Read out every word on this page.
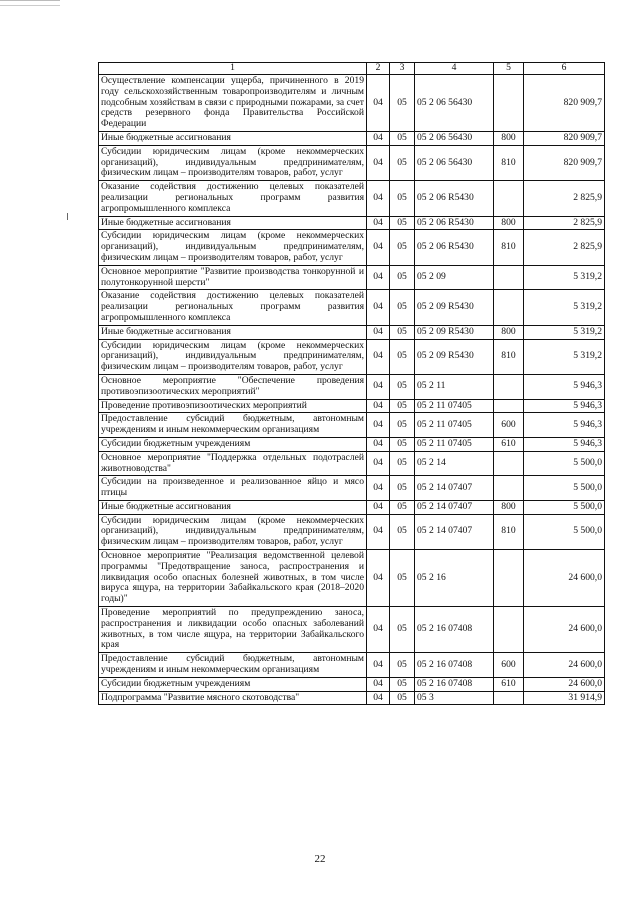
1	2	3	4	5	6
Осуществление компенсации ущерба, причиненного в 2019 году сельскохозяйственным товаропроизводителям и личным подсобным хозяйствам в связи с природными пожарами, за счет средств резервного фонда Правительства Российской Федерации	04	05	05 2 06 56430		820 909,7
Иные бюджетные ассигнования	04	05	05 2 06 56430	800	820 909,7
Субсидии юридическим лицам (кроме некоммерческих организаций), индивидуальным предпринимателям, физическим лицам – производителям товаров, работ, услуг	04	05	05 2 06 56430	810	820 909,7
Оказание содействия достижению целевых показателей реализации региональных программ развития агропромышленного комплекса	04	05	05 2 06 R5430		2 825,9
Иные бюджетные ассигнования	04	05	05 2 06 R5430	800	2 825,9
Субсидии юридическим лицам (кроме некоммерческих организаций), индивидуальным предпринимателям, физическим лицам – производителям товаров, работ, услуг	04	05	05 2 06 R5430	810	2 825,9
Основное мероприятие "Развитие производства тонкорунной и полутонкорунной шерсти"	04	05	05 2 09		5 319,2
Оказание содействия достижению целевых показателей реализации региональных программ развития агропромышленного комплекса	04	05	05 2 09 R5430		5 319,2
Иные бюджетные ассигнования	04	05	05 2 09 R5430	800	5 319,2
Субсидии юридическим лицам (кроме некоммерческих организаций), индивидуальным предпринимателям, физическим лицам – производителям товаров, работ, услуг	04	05	05 2 09 R5430	810	5 319,2
Основное мероприятие "Обеспечение проведения противоэпизоотических мероприятий"	04	05	05 2 11		5 946,3
Проведение противоэпизоотических мероприятий	04	05	05 2 11 07405		5 946,3
Предоставление субсидий бюджетным, автономным учреждениям и иным некоммерческим организациям	04	05	05 2 11 07405	600	5 946,3
Субсидии бюджетным учреждениям	04	05	05 2 11 07405	610	5 946,3
Основное мероприятие "Поддержка отдельных подотраслей животноводства"	04	05	05 2 14		5 500,0
Субсидии на произведенное и реализованное яйцо и мясо птицы	04	05	05 2 14 07407		5 500,0
Иные бюджетные ассигнования	04	05	05 2 14 07407	800	5 500,0
Субсидии юридическим лицам (кроме некоммерческих организаций), индивидуальным предпринимателям, физическим лицам – производителям товаров, работ, услуг	04	05	05 2 14 07407	810	5 500,0
Основное мероприятие "Реализация ведомственной целевой программы "Предотвращение заноса, распространения и ликвидация особо опасных болезней животных, в том числе вируса ящура, на территории Забайкальского края (2018–2020 годы)"	04	05	05 2 16		24 600,0
Проведение мероприятий по предупреждению заноса, распространения и ликвидации особо опасных заболеваний животных, в том числе ящура, на территории Забайкальского края	04	05	05 2 16 07408		24 600,0
Предоставление субсидий бюджетным, автономным учреждениям и иным некоммерческим организациям	04	05	05 2 16 07408	600	24 600,0
Субсидии бюджетным учреждениям	04	05	05 2 16 07408	610	24 600,0
Подпрограмма "Развитие мясного скотоводства"	04	05	05 3		31 914,9
22
